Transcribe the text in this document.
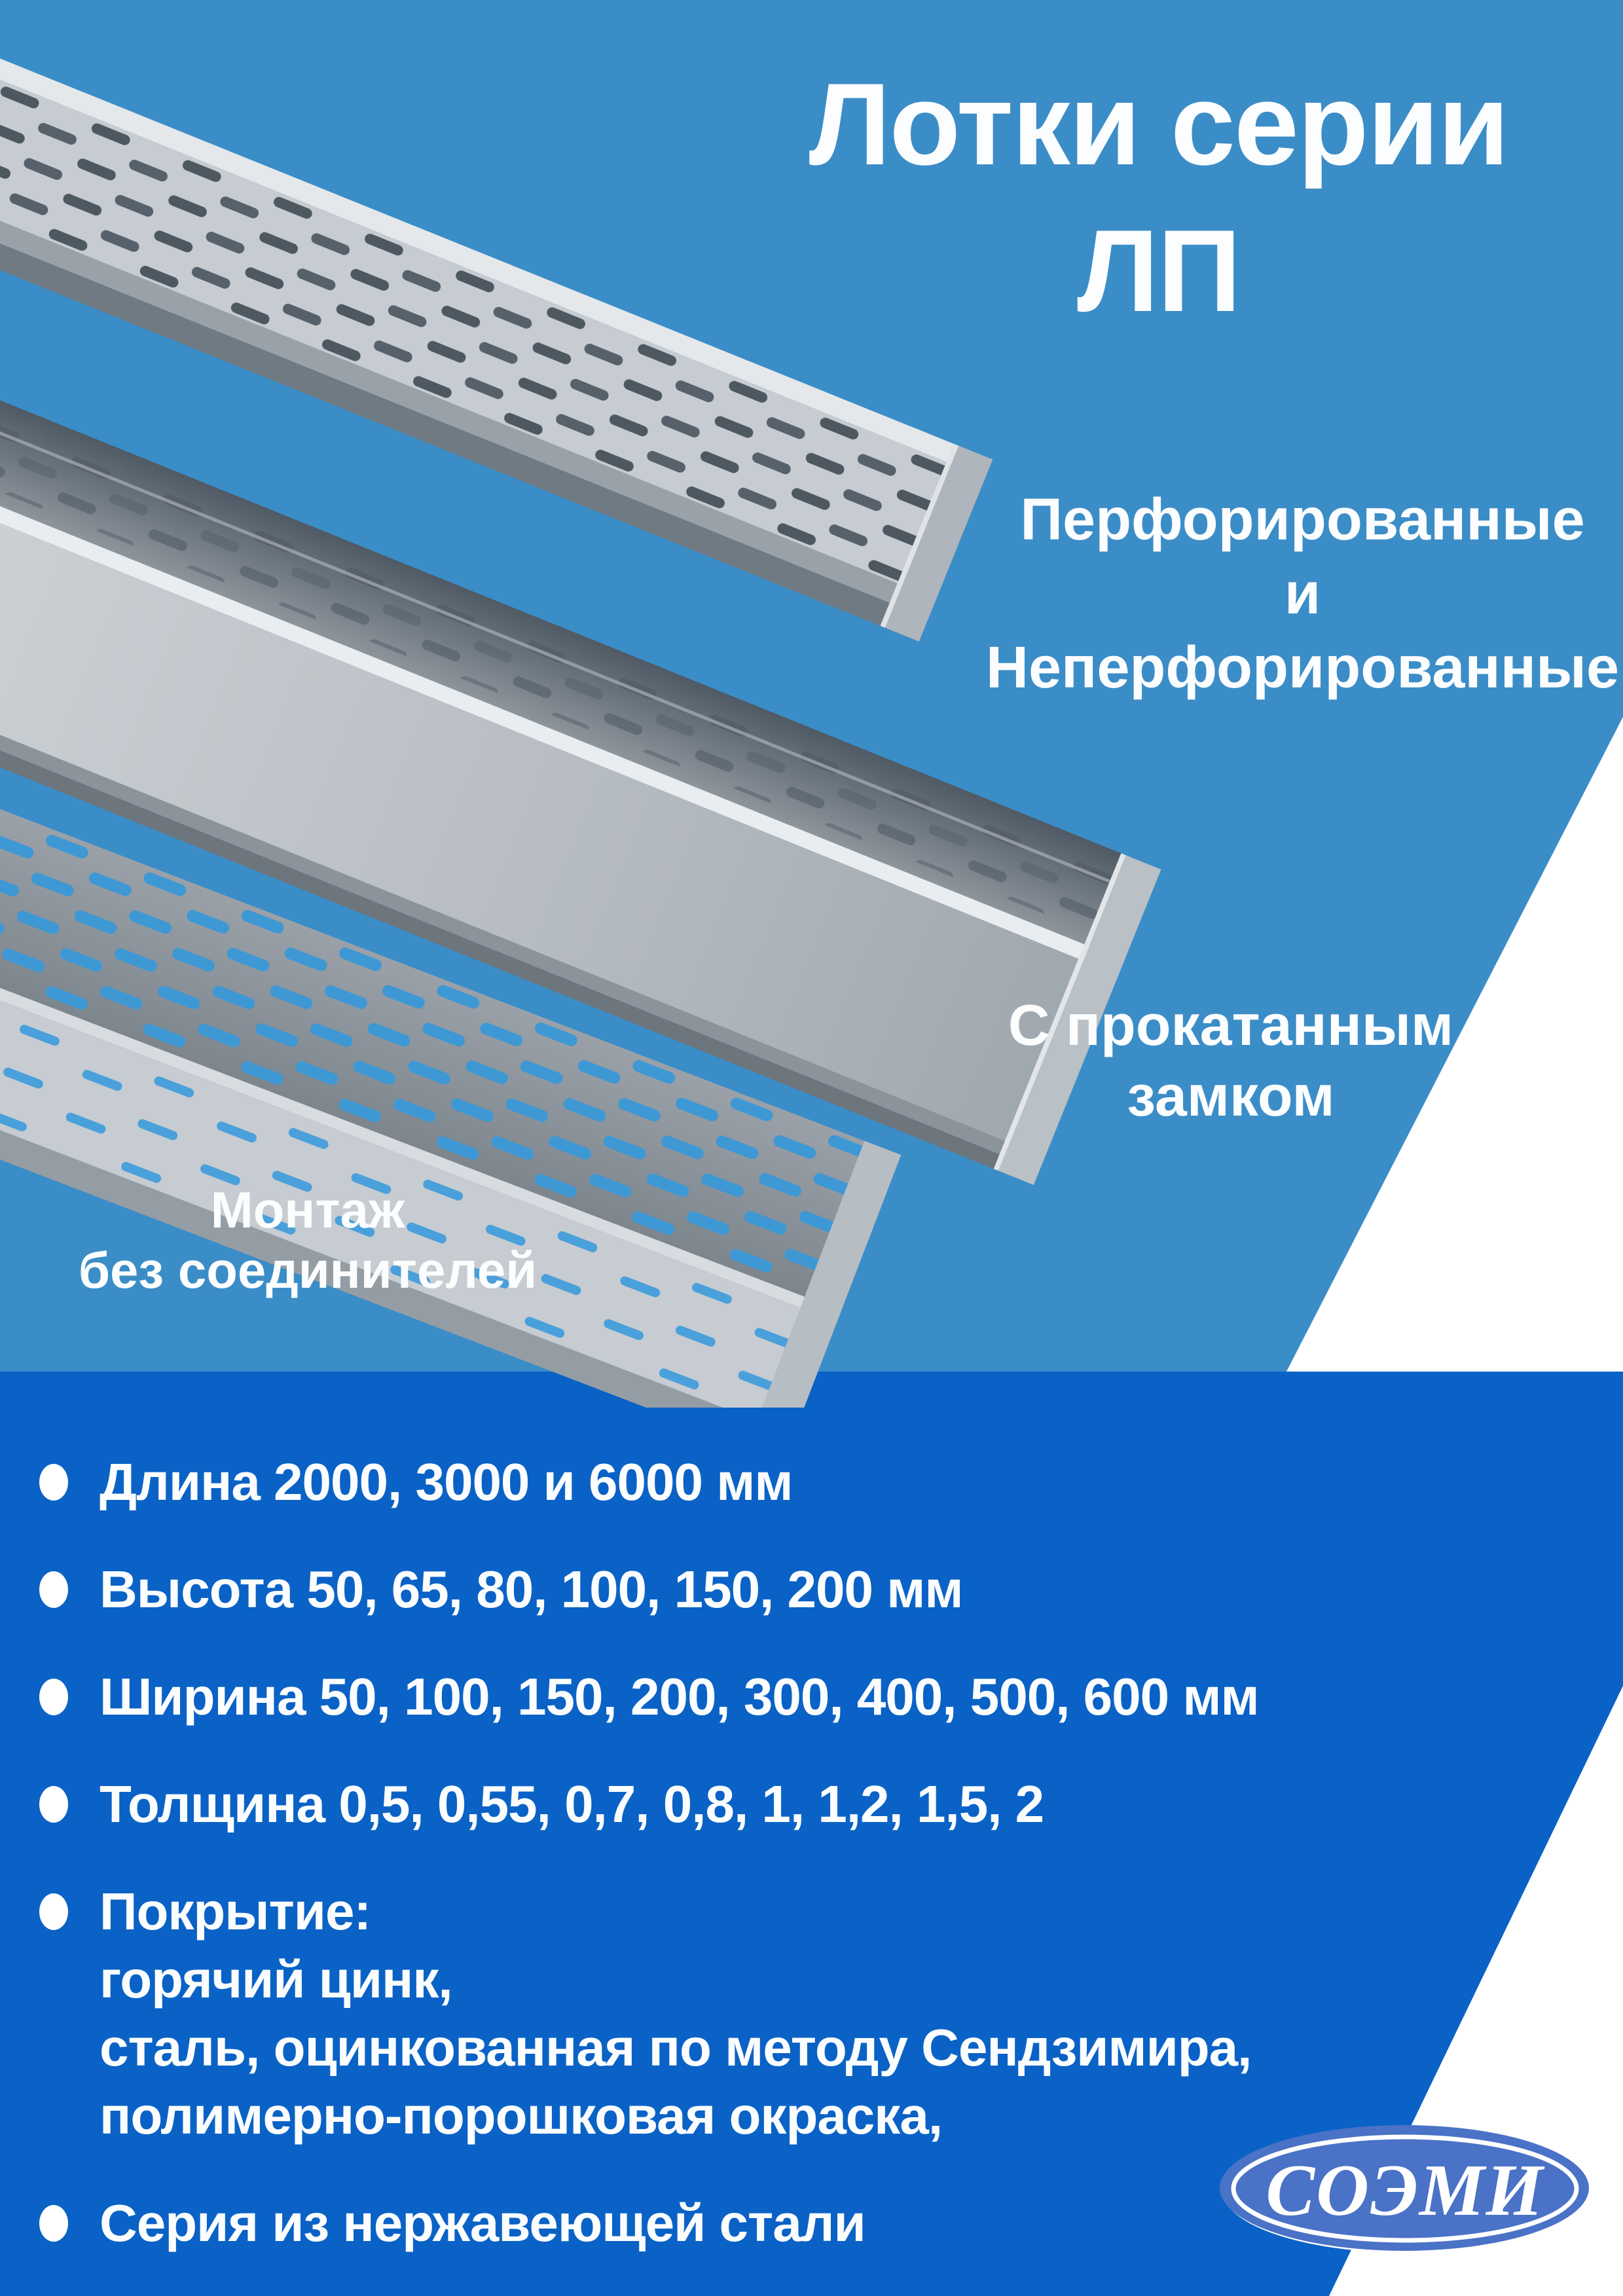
Лотки серии
ЛП
Перфорированные
и
Неперфорированные
С прокатанным
замком
Монтаж
без соединителей
Длина 2000, 3000 и 6000 мм
Высота 50, 65, 80, 100, 150, 200 мм
Ширина 50, 100, 150, 200, 300, 400, 500, 600 мм
Толщина 0,5, 0,55, 0,7, 0,8, 1, 1,2, 1,5, 2
Покрытие:
горячий цинк,
сталь, оцинкованная по методу Сендзимира,
полимерно-порошковая окраска,
Серия из нержавеющей стали	СОЭМИ
